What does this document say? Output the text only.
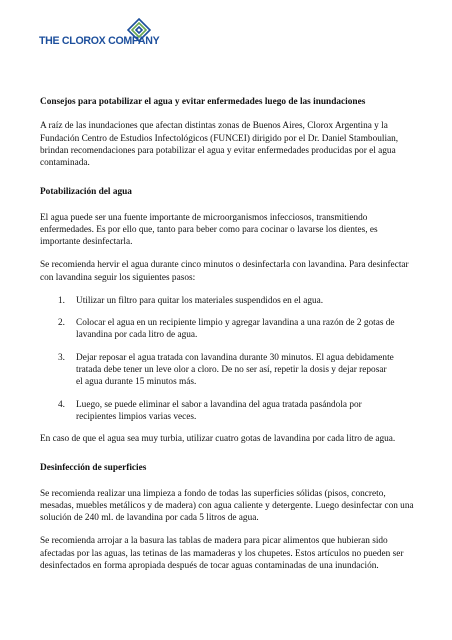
THE CLOROX COMPANY

Consejos para potabilizar el agua y evitar enfermedades luego de las inundaciones

A raíz de las inundaciones que afectan distintas zonas de Buenos Aires, Clorox Argentina y la Fundación Centro de Estudios Infectológicos (FUNCEI) dirigido por el Dr. Daniel Stamboulian, brindan recomendaciones para potabilizar el agua y evitar enfermedades producidas por el agua contaminada.

Potabilización del agua

El agua puede ser una fuente importante de microorganismos infecciosos, transmitiendo enfermedades. Es por ello que, tanto para beber como para cocinar o lavarse los dientes, es importante desinfectarla.

Se recomienda hervir el agua durante cinco minutos o desinfectarla con lavandina. Para desinfectar con lavandina seguir los siguientes pasos:

1.	Utilizar un filtro para quitar los materiales suspendidos en el agua.
2.	Colocar el agua en un recipiente limpio y agregar lavandina a una razón de 2 gotas de lavandina por cada litro de agua.
3.	Dejar reposar el agua tratada con lavandina durante 30 minutos. El agua debidamente tratada debe tener un leve olor a cloro. De no ser así, repetir la dosis y dejar reposar el agua durante 15 minutos más.
4.	Luego, se puede eliminar el sabor a lavandina del agua tratada pasándola por recipientes limpios varias veces.

En caso de que el agua sea muy turbia, utilizar cuatro gotas de lavandina por cada litro de agua.

Desinfección de superficies

Se recomienda realizar una limpieza a fondo de todas las superficies sólidas (pisos, concreto, mesadas, muebles metálicos y de madera) con agua caliente y detergente. Luego desinfectar con una solución de 240 ml. de lavandina por cada 5 litros de agua.

Se recomienda arrojar a la basura las tablas de madera para picar alimentos que hubieran sido afectadas por las aguas, las tetinas de las mamaderas y los chupetes. Estos artículos no pueden ser desinfectados en forma apropiada después de tocar aguas contaminadas de una inundación.
